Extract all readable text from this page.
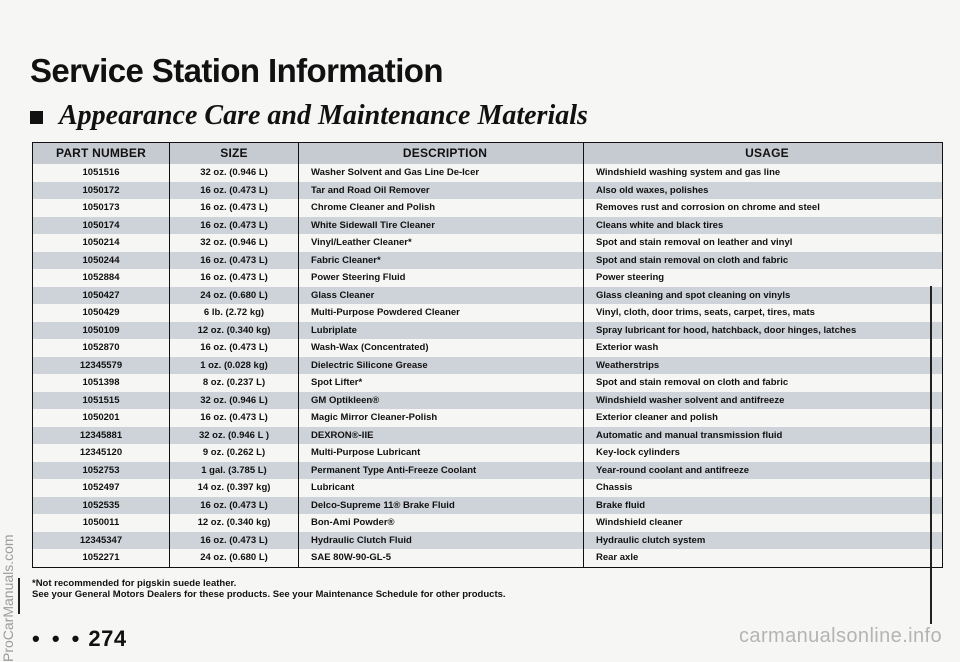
Service Station Information
Appearance Care and Maintenance Materials
ProCarManuals.com
PART NUMBER	SIZE	DESCRIPTION	USAGE
1051516	32 oz. (0.946 L)	Washer Solvent and Gas Line De-Icer	Windshield washing system and gas line
1050172	16 oz. (0.473 L)	Tar and Road Oil Remover	Also old waxes, polishes
1050173	16 oz. (0.473 L)	Chrome Cleaner and Polish	Removes rust and corrosion on chrome and steel
1050174	16 oz. (0.473 L)	White Sidewall Tire Cleaner	Cleans white and black tires
1050214	32 oz. (0.946 L)	Vinyl/Leather Cleaner*	Spot and stain removal on leather and vinyl
1050244	16 oz. (0.473 L)	Fabric Cleaner*	Spot and stain removal on cloth and fabric
1052884	16 oz. (0.473 L)	Power Steering Fluid	Power steering
1050427	24 oz. (0.680 L)	Glass Cleaner	Glass cleaning and spot cleaning on vinyls
1050429	6 lb. (2.72 kg)	Multi-Purpose Powdered Cleaner	Vinyl, cloth, door trims, seats, carpet, tires, mats
1050109	12 oz. (0.340 kg)	Lubriplate	Spray lubricant for hood, hatchback, door hinges, latches
1052870	16 oz. (0.473 L)	Wash-Wax (Concentrated)	Exterior wash
12345579	1 oz. (0.028 kg)	Dielectric Silicone Grease	Weatherstrips
1051398	8 oz. (0.237 L)	Spot Lifter*	Spot and stain removal on cloth and fabric
1051515	32 oz. (0.946 L)	GM Optikleen®	Windshield washer solvent and antifreeze
1050201	16 oz. (0.473 L)	Magic Mirror Cleaner-Polish	Exterior cleaner and polish
12345881	32 oz. (0.946 L )	DEXRON®-IIE	Automatic and manual transmission fluid
12345120	9 oz. (0.262 L)	Multi-Purpose Lubricant	Key-lock cylinders
1052753	1 gal. (3.785 L)	Permanent Type Anti-Freeze Coolant	Year-round coolant and antifreeze
1052497	14 oz. (0.397 kg)	Lubricant	Chassis
1052535	16 oz. (0.473 L)	Delco-Supreme 11® Brake Fluid	Brake fluid
1050011	12 oz. (0.340 kg)	Bon-Ami Powder®	Windshield cleaner
12345347	16 oz. (0.473 L)	Hydraulic Clutch Fluid	Hydraulic clutch system
1052271	24 oz. (0.680 L)	SAE 80W-90-GL-5	Rear axle
*Not recommended for pigskin suede leather.
See your General Motors Dealers for these products. See your Maintenance Schedule for other products.
• • • 274	carmanualsonline.info
